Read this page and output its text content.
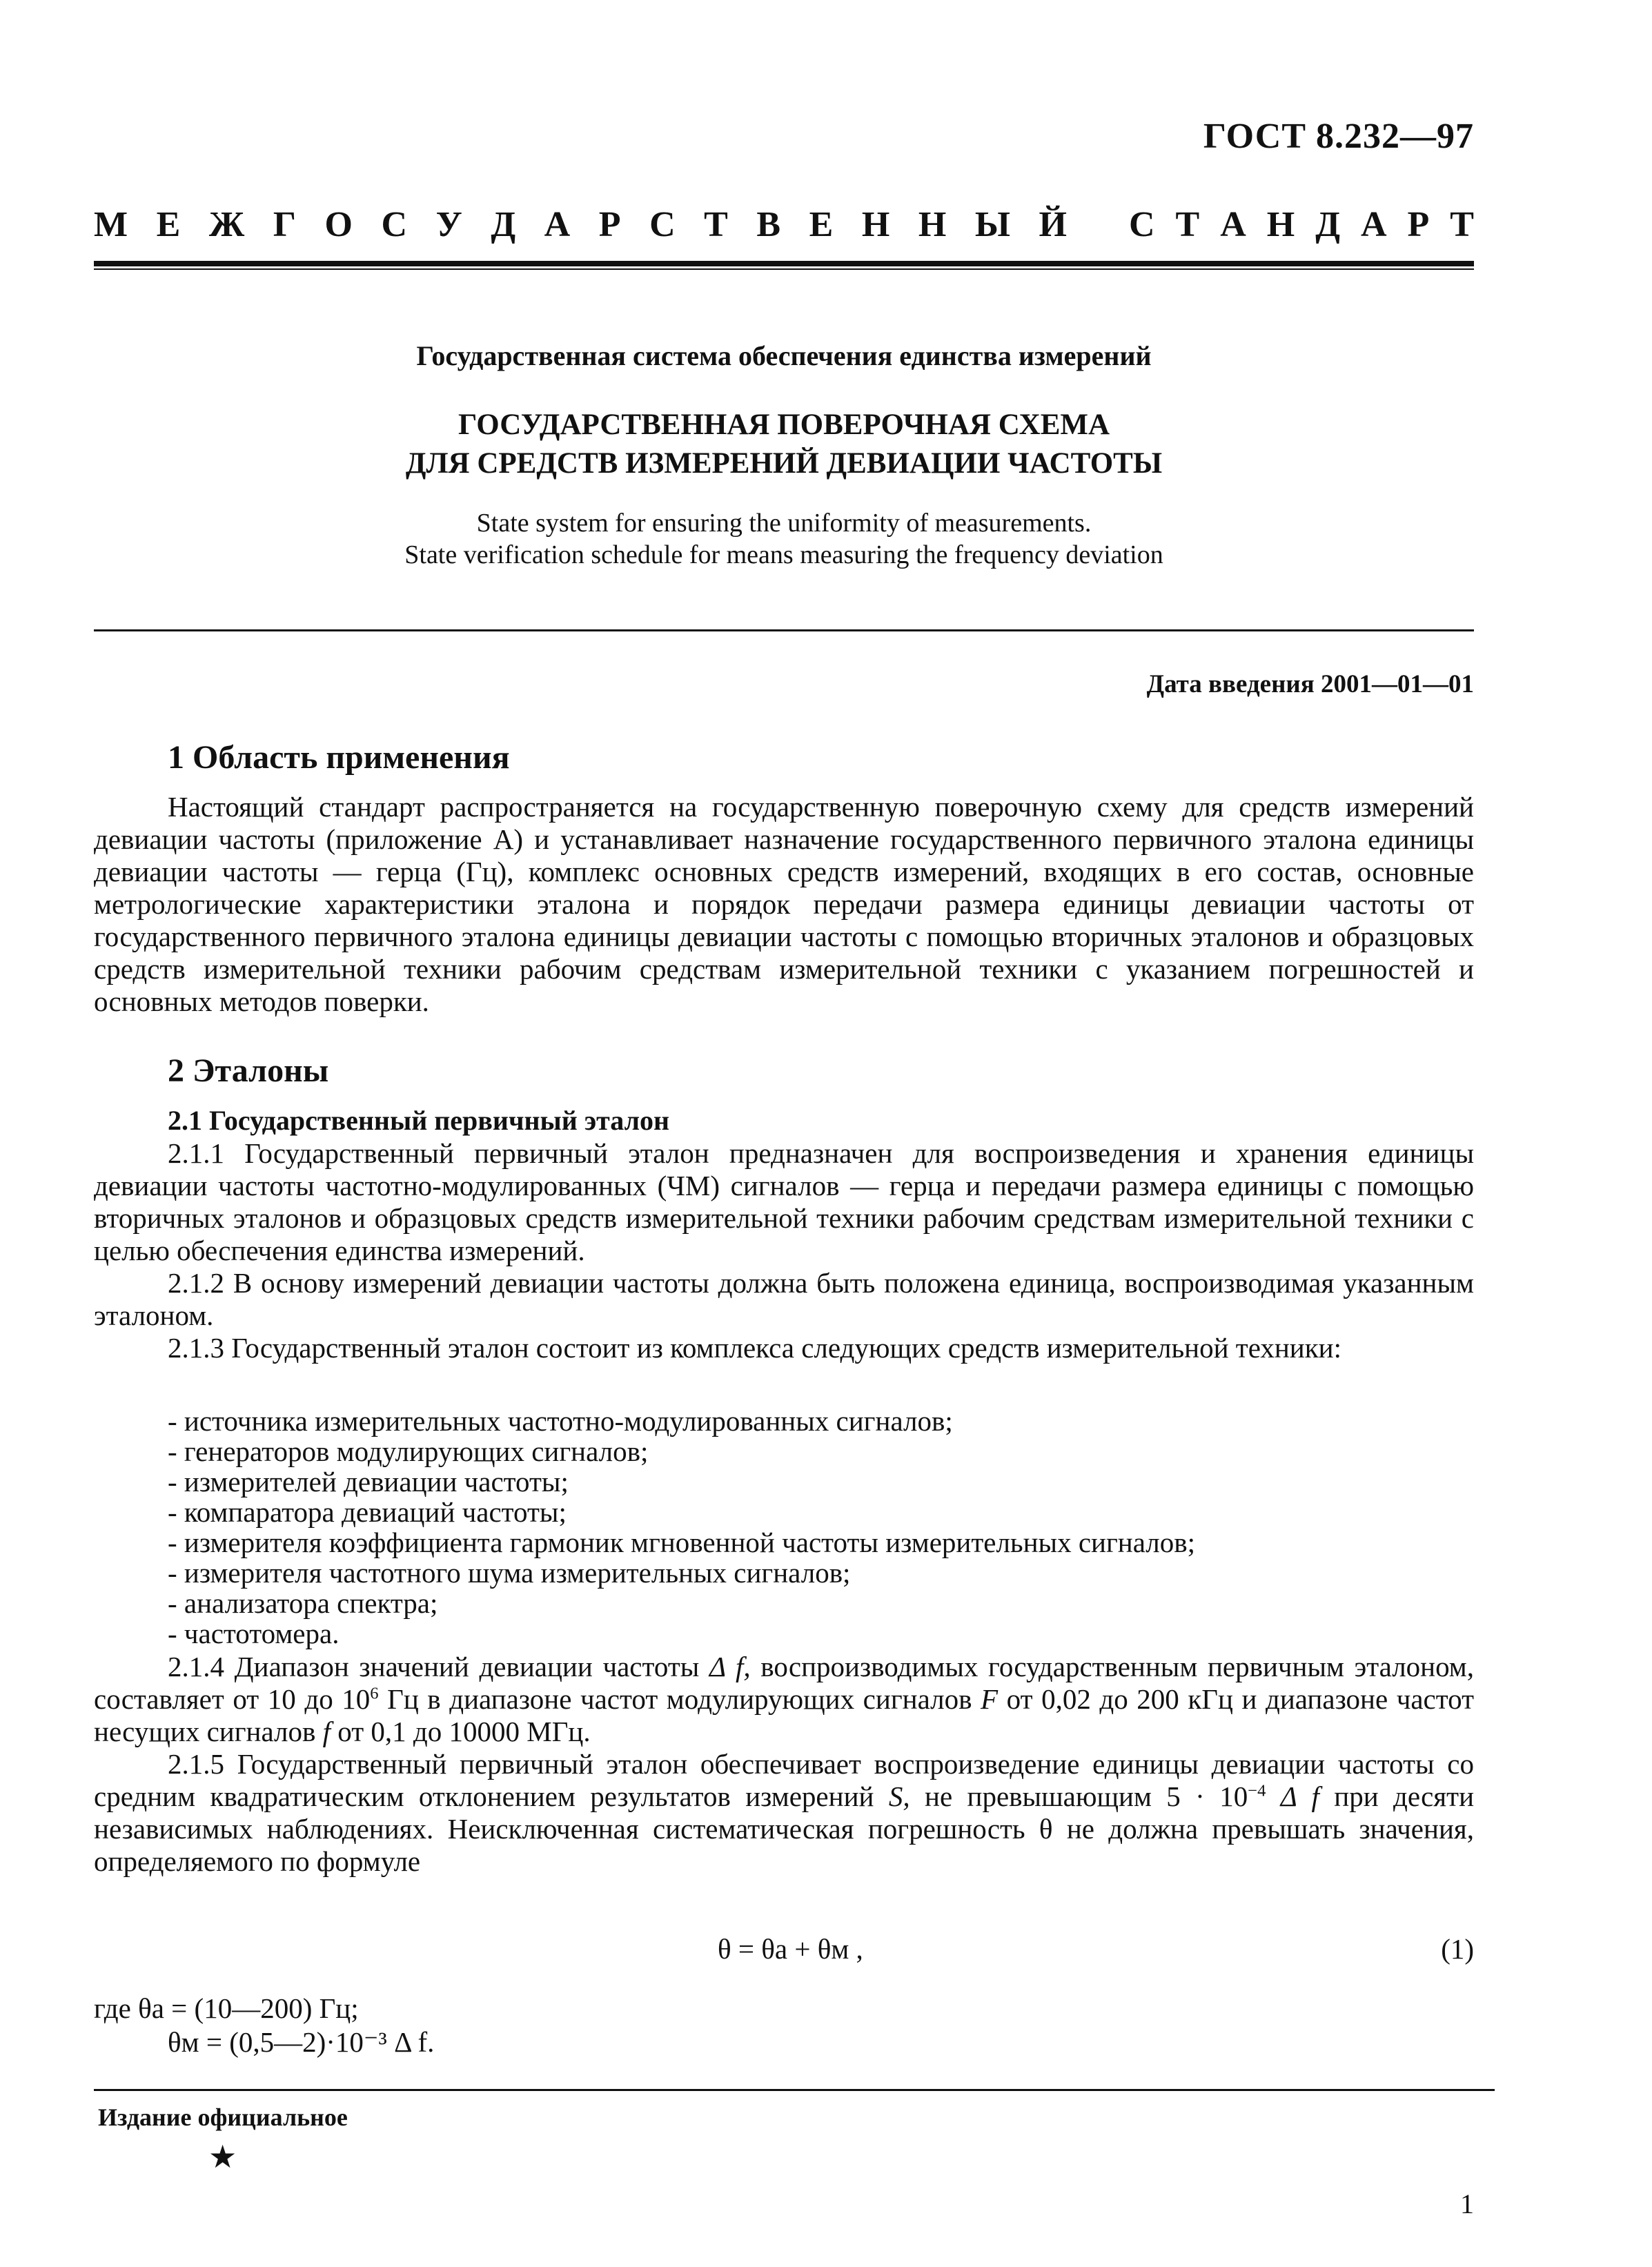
ГОСТ 8.232—97
М Е Ж Г О С У Д А Р С Т В Е Н Н Ы Й С Т А Н Д А Р Т
Государственная система обеспечения единства измерений
ГОСУДАРСТВЕННАЯ ПОВЕРОЧНАЯ СХЕМА
ДЛЯ СРЕДСТВ ИЗМЕРЕНИЙ ДЕВИАЦИИ ЧАСТОТЫ
State system for ensuring the uniformity of measurements.
State verification schedule for means measuring the frequency deviation
Дата введения 2001—01—01
1 Область применения

Настоящий стандарт распространяется на государственную поверочную схему для средств измерений девиации частоты (приложение А) и устанавливает назначение государственного первичного эталона единицы девиации частоты — герца (Гц), комплекс основных средств измерений, входящих в его состав, основные метрологические характеристики эталона и порядок передачи размера единицы девиации частоты от государственного первичного эталона единицы девиации частоты с помощью вторичных эталонов и образцовых средств измерительной техники рабочим средствам измерительной техники с указанием погрешностей и основных методов поверки.

2 Эталоны
2.1 Государственный первичный эталон

2.1.1 Государственный первичный эталон предназначен для воспроизведения и хранения единицы девиации частоты частотно-модулированных (ЧМ) сигналов — герца и передачи размера единицы с помощью вторичных эталонов и образцовых средств измерительной техники рабочим средствам измерительной техники с целью обеспечения единства измерений.

2.1.2 В основу измерений девиации частоты должна быть положена единица, воспроизводимая указанным эталоном.

2.1.3 Государственный эталон состоит из комплекса следующих средств измерительной техники:

- источника измерительных частотно-модулированных сигналов;
- генераторов модулирующих сигналов;
- измерителей девиации частоты;
- компаратора девиаций частоты;
- измерителя коэффициента гармоник мгновенной частоты измерительных сигналов;
- измерителя частотного шума измерительных сигналов;
- анализатора спектра;
- частотомера.

2.1.4 Диапазон значений девиации частоты Δ f, воспроизводимых государственным первичным эталоном, составляет от 10 до $10^6$ Гц в диапазоне частот модулирующих сигналов F от 0,02 до 200 кГц и диапазоне частот несущих сигналов f от 0,1 до 10000 МГц.

2.1.5 Государственный первичный эталон обеспечивает воспроизведение единицы девиации частоты со средним квадратическим отклонением результатов измерений S, не превышающим $5 \cdot 10^{-4}$ Δ f при десяти независимых наблюдениях. Неисключенная систематическая погрешность θ не должна превышать значения, определяемого по формуле

θ = θа + θм ,	(1)
где θа = (10—200) Гц;
θм = (0,5—2)·10⁻³ Δ f.
Издание официальное
★
1
